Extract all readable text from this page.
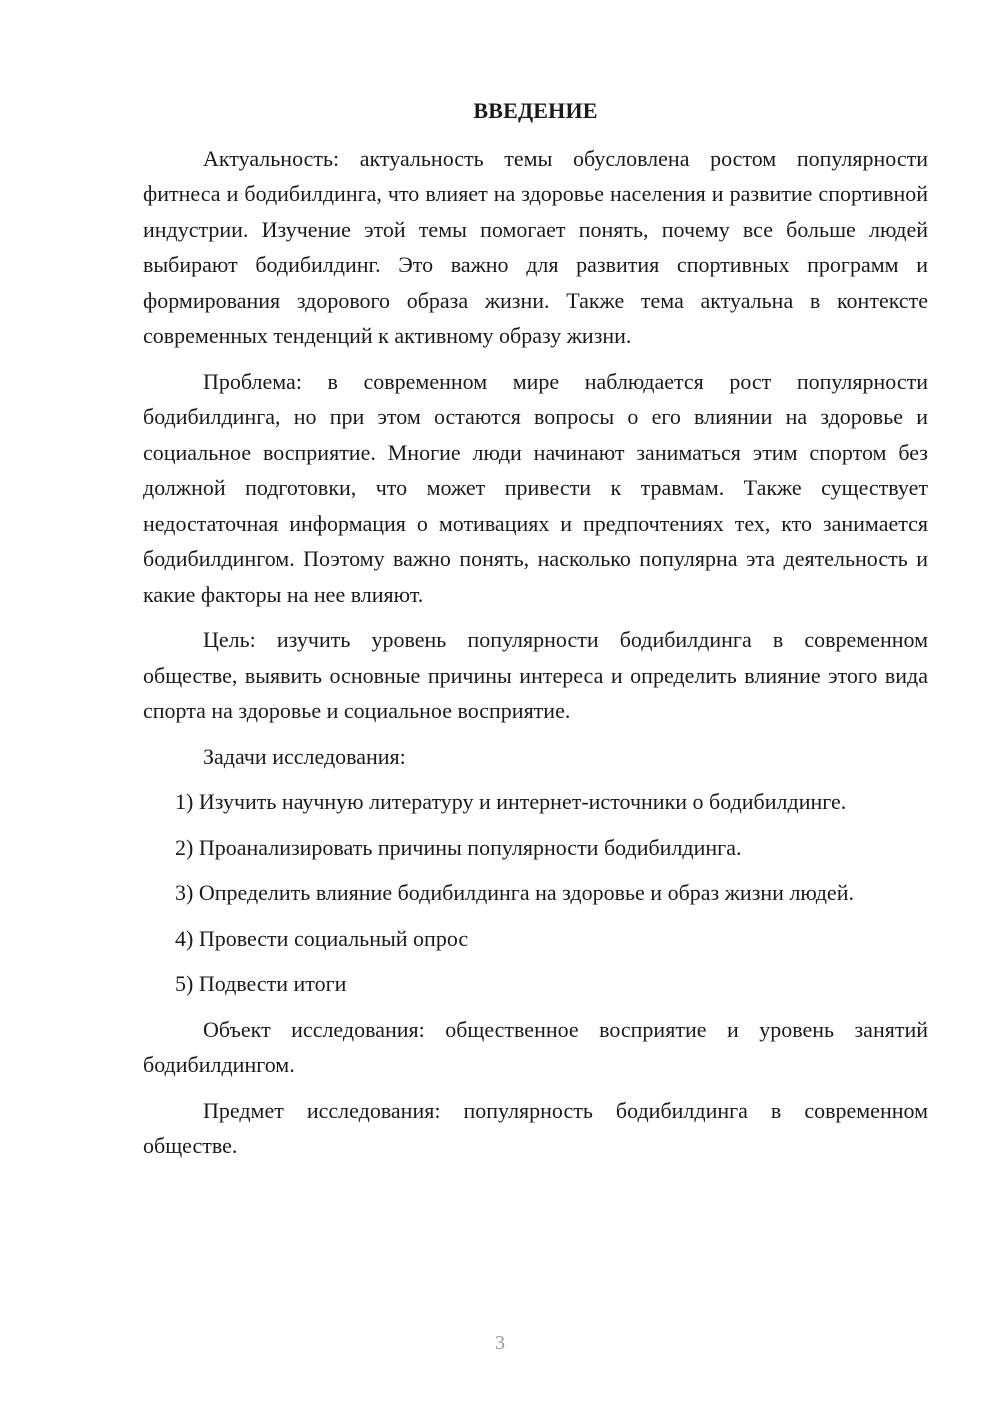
ВВЕДЕНИЕ

Актуальность: актуальность темы обусловлена ростом популярности фитнеса и бодибилдинга, что влияет на здоровье населения и развитие спортивной индустрии. Изучение этой темы помогает понять, почему все больше людей выбирают бодибилдинг. Это важно для развития спортивных программ и формирования здорового образа жизни. Также тема актуальна в контексте современных тенденций к активному образу жизни.

Проблема: в современном мире наблюдается рост популярности бодибилдинга, но при этом остаются вопросы о его влиянии на здоровье и социальное восприятие. Многие люди начинают заниматься этим спортом без должной подготовки, что может привести к травмам. Также существует недостаточная информация о мотивациях и предпочтениях тех, кто занимается бодибилдингом. Поэтому важно понять, насколько популярна эта деятельность и какие факторы на нее влияют.

Цель: изучить уровень популярности бодибилдинга в современном обществе, выявить основные причины интереса и определить влияние этого вида спорта на здоровье и социальное восприятие.

Задачи исследования:

1) Изучить научную литературу и интернет-источники о бодибилдинге.

2) Проанализировать причины популярности бодибилдинга.

3) Определить влияние бодибилдинга на здоровье и образ жизни людей.

4) Провести социальный опрос

5) Подвести итоги

Объект исследования: общественное восприятие и уровень занятий бодибилдингом.

Предмет исследования: популярность бодибилдинга в современном обществе.

3
